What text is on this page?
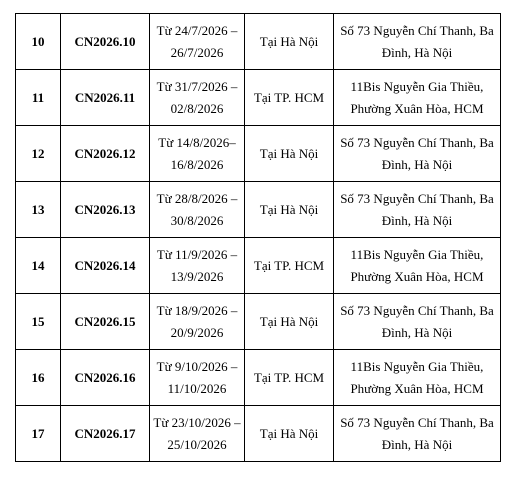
10	CN2026.10	Từ 24/7/2026 –
26/7/2026	Tại Hà Nội	Số 73 Nguyễn Chí Thanh, Ba
Đình, Hà Nội

11	CN2026.11	Từ 31/7/2026 –
02/8/2026	Tại TP. HCM	11Bis Nguyễn Gia Thiều,
Phường Xuân Hòa, HCM

12	CN2026.12	Từ 14/8/2026–
16/8/2026	Tại Hà Nội	Số 73 Nguyễn Chí Thanh, Ba
Đình, Hà Nội

13	CN2026.13	Từ 28/8/2026 –
30/8/2026	Tại Hà Nội	Số 73 Nguyễn Chí Thanh, Ba
Đình, Hà Nội

14	CN2026.14	Từ 11/9/2026 –
13/9/2026	Tại TP. HCM	11Bis Nguyễn Gia Thiều,
Phường Xuân Hòa, HCM

15	CN2026.15	Từ 18/9/2026 –
20/9/2026	Tại Hà Nội	Số 73 Nguyễn Chí Thanh, Ba
Đình, Hà Nội

16	CN2026.16	Từ 9/10/2026 –
11/10/2026	Tại TP. HCM	11Bis Nguyễn Gia Thiều,
Phường Xuân Hòa, HCM

17	CN2026.17	Từ 23/10/2026 –
25/10/2026	Tại Hà Nội	Số 73 Nguyễn Chí Thanh, Ba
Đình, Hà Nội
